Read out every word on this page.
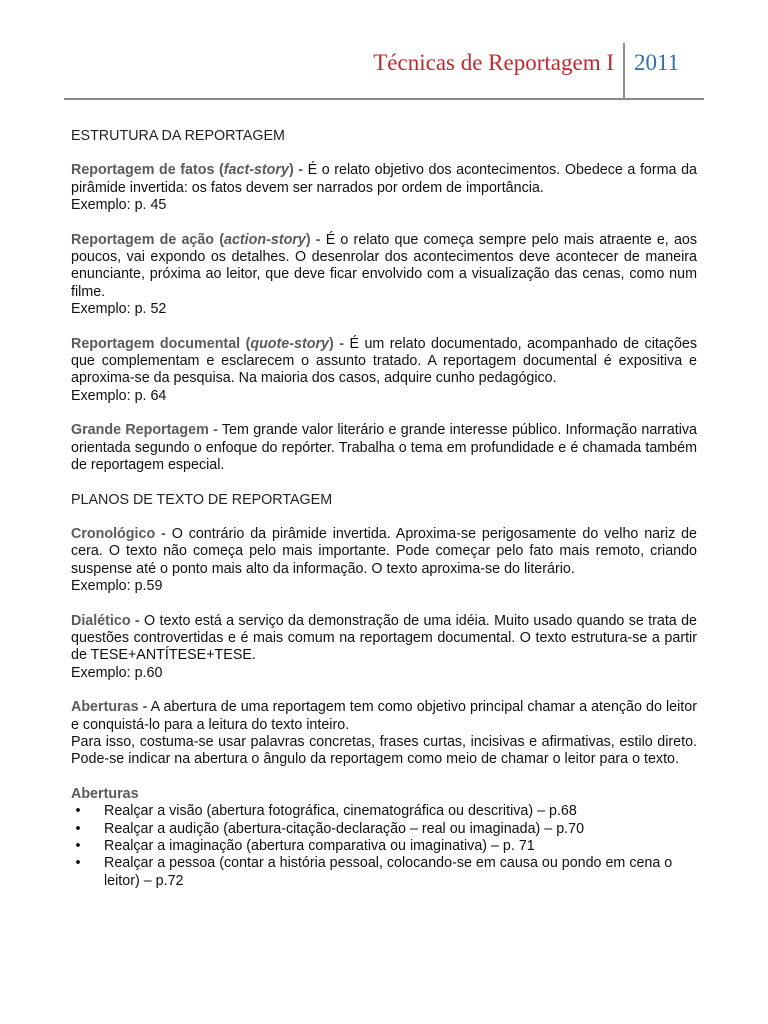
Técnicas de Reportagem I 2011
ESTRUTURA DA REPORTAGEM
Reportagem de fatos (fact-story) - É o relato objetivo dos acontecimentos. Obedece a forma da pirâmide invertida: os fatos devem ser narrados por ordem de importância.
Exemplo: p. 45
Reportagem de ação (action-story) - É o relato que começa sempre pelo mais atraente e, aos poucos, vai expondo os detalhes. O desenrolar dos acontecimentos deve acontecer de maneira enunciante, próxima ao leitor, que deve ficar envolvido com a visualização das cenas, como num filme.
Exemplo: p. 52
Reportagem documental (quote-story) - É um relato documentado, acompanhado de citações que complementam e esclarecem o assunto tratado. A reportagem documental é expositiva e aproxima-se da pesquisa. Na maioria dos casos, adquire cunho pedagógico.
Exemplo: p. 64
Grande Reportagem - Tem grande valor literário e grande interesse público. Informação narrativa orientada segundo o enfoque do repórter. Trabalha o tema em profundidade e é chamada também de reportagem especial.
PLANOS DE TEXTO DE REPORTAGEM
Cronológico - O contrário da pirâmide invertida. Aproxima-se perigosamente do velho nariz de cera. O texto não começa pelo mais importante. Pode começar pelo fato mais remoto, criando suspense até o ponto mais alto da informação. O texto aproxima-se do literário.
Exemplo: p.59
Dialético - O texto está a serviço da demonstração de uma idéia. Muito usado quando se trata de questões controvertidas e é mais comum na reportagem documental. O texto estrutura-se a partir de TESE+ANTÍTESE+TESE.
Exemplo: p.60
Aberturas - A abertura de uma reportagem tem como objetivo principal chamar a atenção do leitor e conquistá-lo para a leitura do texto inteiro.
Para isso, costuma-se usar palavras concretas, frases curtas, incisivas e afirmativas, estilo direto. Pode-se indicar na abertura o ângulo da reportagem como meio de chamar o leitor para o texto.
Aberturas
•	Realçar a visão (abertura fotográfica, cinematográfica ou descritiva) – p.68
•	Realçar a audição (abertura-citação-declaração – real ou imaginada) – p.70
•	Realçar a imaginação (abertura comparativa ou imaginativa) – p. 71
•	Realçar a pessoa (contar a história pessoal, colocando-se em causa ou pondo em cena o leitor) – p.72
